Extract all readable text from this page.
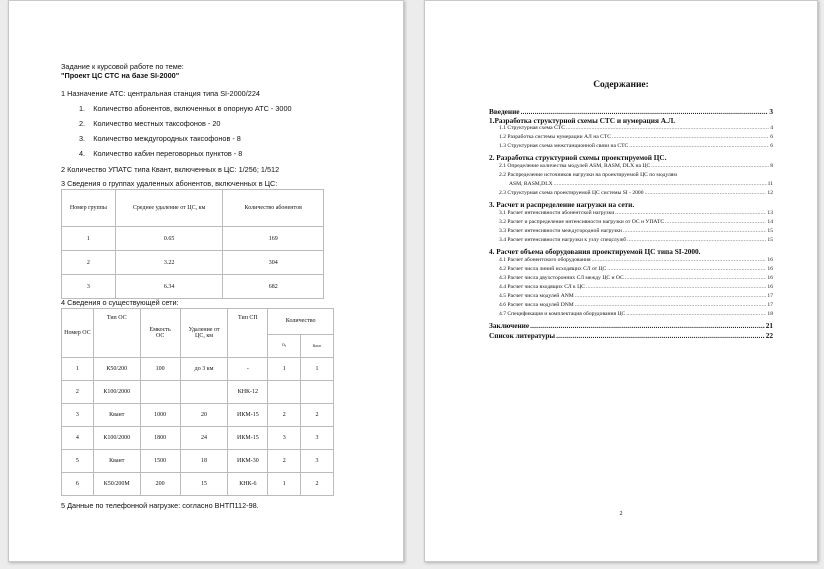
Задание к курсовой работе по теме:
"Проект ЦС СТС на базе SI-2000"
1 Назначение АТС: центральная станция типа SI-2000/224
1. Количество абонентов, включенных в опорную АТС - 3000
2. Количество местных таксофонов - 20
3. Количество междугородных таксофонов - 8
4. Количество кабин переговорных пунктов - 8
2 Количество УПАТС типа Квант, включенных в ЦС: 1/256; 1/512
3 Сведения о группах удаленных абонентов, включенных в ЦС:
Номер группы	Среднее удаление от ЦС, км	Количество абонентов
1	0.65	169
2	3.22	304
3	6.34	682
4 Сведения о существующей сети:
Номер ОС	Тип ОС	Емкость ОС	Удаление от ЦС, км	Тип СП	Количество	
					nₐ	nₘₘ
1	К50/200	100	до 3 км	-	1	1
2	К100/2000			КНК-12		
3	Квант	1000	20	ИКМ-15	2	2
4	К100/2000	1800	24	ИКМ-15	3	3
5	Квант	1500	18	ИКМ-30	2	3
6	К50/200М	200	15	КНК-6	1	2
5 Данные по телефонной нагрузке: согласно ВНТП112-98.
Содержание:
Введение .....	3
1.Разработка структурной схемы СТС и нумерация А.Л.
1.1 Структурная схема СТС .....	4
1.2 Разработка системы нумерации АЛ на СТС .....	6
1.3 Структурная схема межстанционной связи на СТС .....	6
2. Разработка структурной схемы проектируемой ЦС.
2.1 Определение количества модулей ASM, RASM, DLX на ЦС .....	8
2.2 Распределение источников нагрузки на проектируемой ЦС по модулям
ASM, RASM,DLX .....	11
2.3 Структурная схема проектируемой ЦС системы SI - 2000 .....	12
3. Расчет и распределение нагрузки на сети.
3.1 Расчет интенсивности абонентской нагрузки .....	13
3.2 Расчет и распределение интенсивности нагрузки от ОС и УПАТС .....	14
3.3 Расчет интенсивности междугородной нагрузки .....	15
3.4 Расчет интенсивности нагрузки к узлу спецслужб .....	15
4. Расчет объема оборудования проектируемой ЦС типа SI-2000.
4.1 Расчет абонентского оборудования .....	16
4.2 Расчет числа линий исходящих СЛ от ЦС .....	16
4.3 Расчет числа двухсторонних СЛ между ЦС и ОС .....	16
4.4 Расчет числа входящих СЛ к ЦС .....	16
4.5 Расчет числа модулей ANM .....	17
4.6 Расчет числа модулей DNM .....	17
4.7 Спецификация и комплектация оборудования ЦС .....	18
Заключение .....	21
Список литературы .....	22
2
